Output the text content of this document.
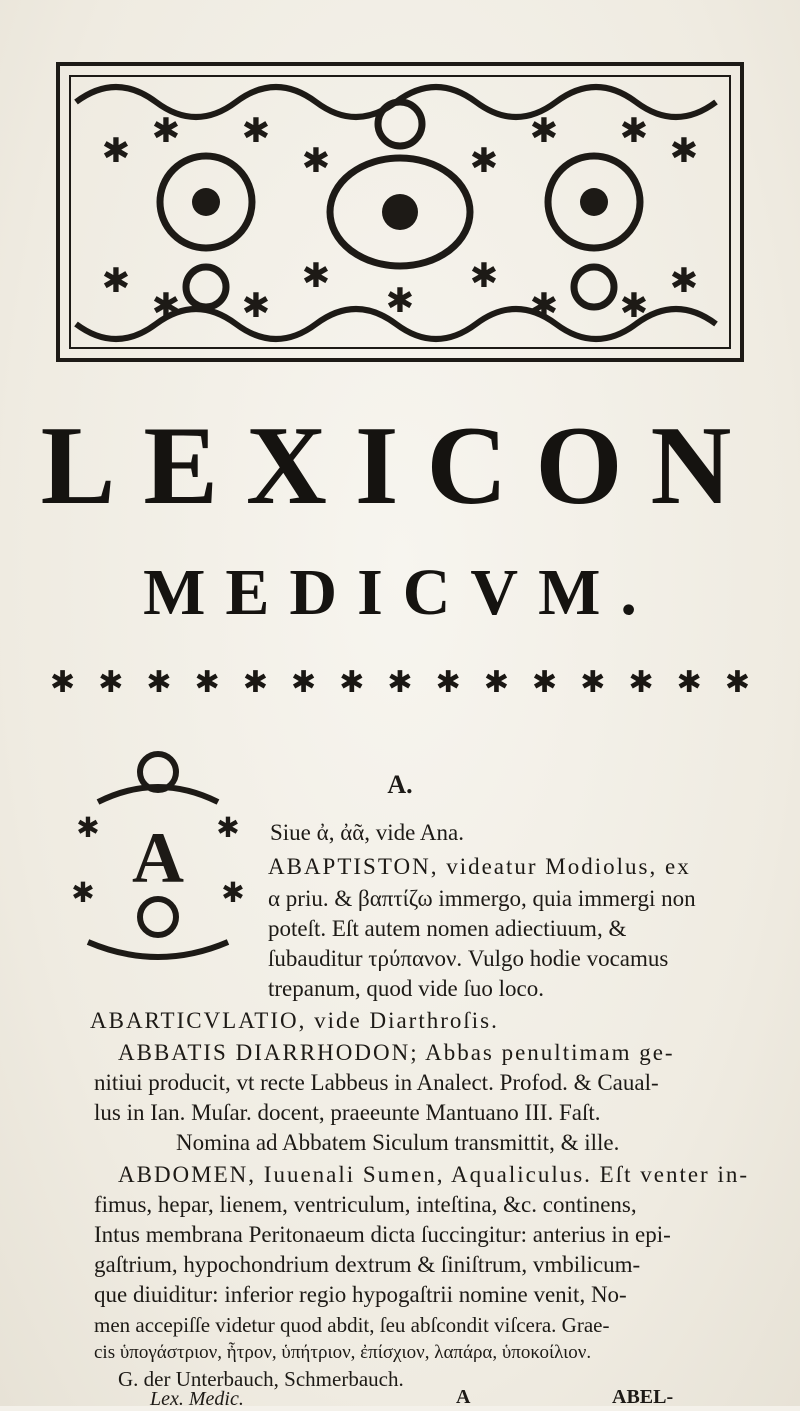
✱ ✱ ✱
✱
✱ ✱
✱ ✱ ✱
✱ ✱
✱
✱	✱
✱	✱
✱
LEXICON
MEDICVM.
✱ ✱ ✱ ✱ ✱ ✱ ✱ ✱ ✱ ✱ ✱ ✱ ✱ ✱ ✱
A.
✱	✱
✱	✱
A	Siue ἀ, ἀᾶ, vide Ana.
ABAPTISTON, videatur Modiolus, ex
α priu. & βαπτίζω immergo, quia immergi non
poteſt. Eſt autem nomen adiectiuum, &
ſubauditur τρύπανον. Vulgo hodie vocamus
trepanum, quod vide ſuo loco.
ABARTICVLATIO, vide Diarthroſis.
ABBATIS DIARRHODON; Abbas penultimam ge-
nitiui producit, vt recte Labbeus in Analect. Profod. & Caual-
lus in Ian. Muſar. docent, praeeunte Mantuano III. Faſt.
Nomina ad Abbatem Siculum transmittit, & ille.
ABDOMEN, Iuuenali Sumen, Aqualiculus. Eſt venter in-
fimus, hepar, lienem, ventriculum, inteſtina, &c. continens,
Intus membrana Peritonaeum dicta ſuccingitur: anterius in epi-
gaſtrium, hypochondrium dextrum & ſiniſtrum, vmbilicum-
que diuiditur: inferior regio hypogaſtrii nomine venit, No-
men accepiſſe videtur quod abdit, ſeu abſcondit viſcera. Grae-
cis ὑπογάστριον, ἦτρον, ὑπήτριον, ἐπίσχιον, λαπάρα, ὑποκοίλιον.
G. der Unterbauch, Schmerbauch.
Lex. Medic.	A	ABEL-
